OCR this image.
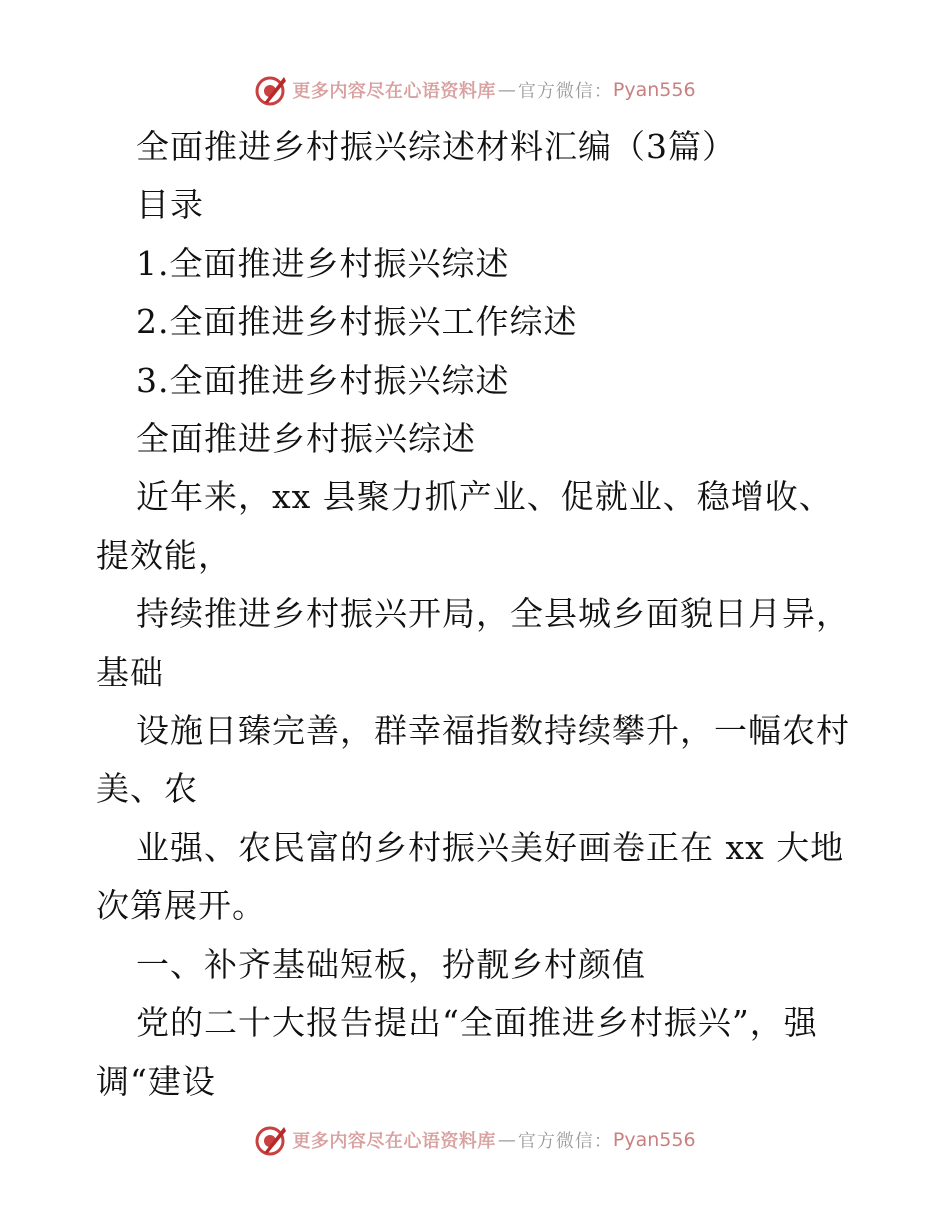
更多内容尽在心语资料库 — 官方微信： Pyan556
全面推进乡村振兴综述材料汇编（3篇）
目录
1.全面推进乡村振兴综述
2.全面推进乡村振兴工作综述
3.全面推进乡村振兴综述
全面推进乡村振兴综述
近年来，xx 县聚力抓产业、促就业、稳增收、
提效能，
持续推进乡村振兴开局，全县城乡面貌日月异，
基础
设施日臻完善，群幸福指数持续攀升，一幅农村
美、农
业强、农民富的乡村振兴美好画卷正在 xx 大地
次第展开。
一、补齐基础短板，扮靓乡村颜值
党的二十大报告提出“全面推进乡村振兴”，强
调“建设
更多内容尽在心语资料库 — 官方微信： Pyan556
